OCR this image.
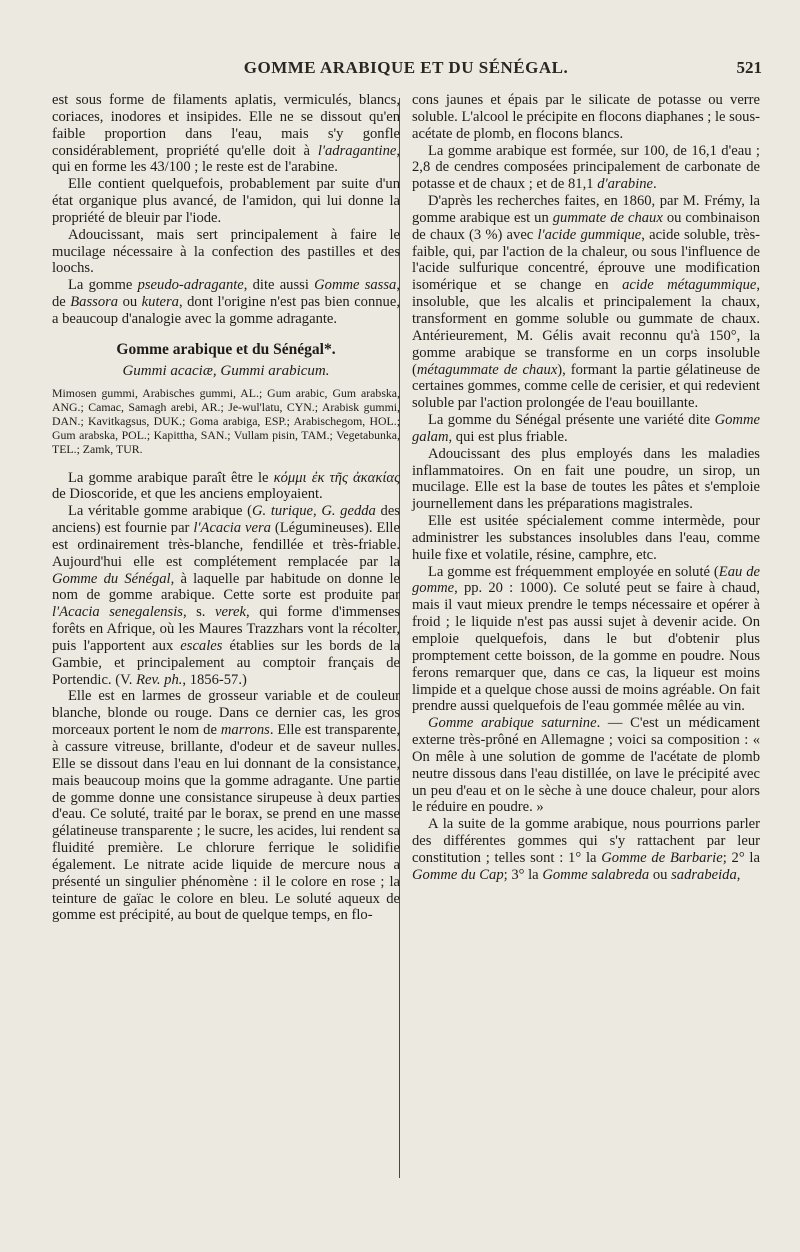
GOMME ARABIQUE ET DU SÉNÉGAL.	521

est sous forme de filaments aplatis, vermiculés, blancs, coriaces, inodores et insipides. Elle ne se dissout qu'en faible proportion dans l'eau, mais s'y gonfle considérablement, propriété qu'elle doit à l'adragantine, qui en forme les 43/100 ; le reste est de l'arabine.

Elle contient quelquefois, probablement par suite d'un état organique plus avancé, de l'amidon, qui lui donne la propriété de bleuir par l'iode.

Adoucissant, mais sert principalement à faire le mucilage nécessaire à la confection des pastilles et des loochs.

La gomme pseudo-adragante, dite aussi Gomme sassa, de Bassora ou kutera, dont l'origine n'est pas bien connue, a beaucoup d'analogie avec la gomme adragante.

Gomme arabique et du Sénégal*.
Gummi acaciæ, Gummi arabicum.
Mimosen gummi, Arabisches gummi, AL.; Gum arabic, Gum arabska, ANG.; Camac, Samagh arebi, AR.; Je-wul'latu, CYN.; Arabisk gummi, DAN.; Kavitkagsus, DUK.; Goma arabiga, ESP.; Arabischegom, HOL.; Gum arabska, POL.; Kapittha, SAN.; Vullam pisin, TAM.; Vegetabunka, TEL.; Zamk, TUR.

La gomme arabique paraît être le κόμμι ἐκ τῆς ἀκακίας de Dioscoride, et que les anciens employaient.

La véritable gomme arabique (G. turique, G. gedda des anciens) est fournie par l'Acacia vera (Légumineuses). Elle est ordinairement très-blanche, fendillée et très-friable. Aujourd'hui elle est complétement remplacée par la Gomme du Sénégal, à laquelle par habitude on donne le nom de gomme arabique. Cette sorte est produite par l'Acacia senegalensis, s. verek, qui forme d'immenses forêts en Afrique, où les Maures Trazzhars vont la récolter, puis l'apportent aux escales établies sur les bords de la Gambie, et principalement au comptoir français de Portendic. (V. Rev. ph., 1856-57.)

Elle est en larmes de grosseur variable et de couleur blanche, blonde ou rouge. Dans ce dernier cas, les gros morceaux portent le nom de marrons. Elle est transparente, à cassure vitreuse, brillante, d'odeur et de saveur nulles. Elle se dissout dans l'eau en lui donnant de la consistance, mais beaucoup moins que la gomme adragante. Une partie de gomme donne une consistance sirupeuse à deux parties d'eau. Ce soluté, traité par le borax, se prend en une masse gélatineuse transparente ; le sucre, les acides, lui rendent sa fluidité première. Le chlorure ferrique le solidifie également. Le nitrate acide liquide de mercure nous a présenté un singulier phénomène : il le colore en rose ; la teinture de gaïac le colore en bleu. Le soluté aqueux de gomme est précipité, au bout de quelque temps, en flo-

cons jaunes et épais par le silicate de potasse ou verre soluble. L'alcool le précipite en flocons diaphanes ; le sous-acétate de plomb, en flocons blancs.

La gomme arabique est formée, sur 100, de 16,1 d'eau ; 2,8 de cendres composées principalement de carbonate de potasse et de chaux ; et de 81,1 d'arabine.

D'après les recherches faites, en 1860, par M. Frémy, la gomme arabique est un gummate de chaux ou combinaison de chaux (3 %) avec l'acide gummique, acide soluble, très-faible, qui, par l'action de la chaleur, ou sous l'influence de l'acide sulfurique concentré, éprouve une modification isomérique et se change en acide métagummique, insoluble, que les alcalis et principalement la chaux, transforment en gomme soluble ou gummate de chaux. Antérieurement, M. Gélis avait reconnu qu'à 150°, la gomme arabique se transforme en un corps insoluble (métagummate de chaux), formant la partie gélatineuse de certaines gommes, comme celle de cerisier, et qui redevient soluble par l'action prolongée de l'eau bouillante.

La gomme du Sénégal présente une variété dite Gomme galam, qui est plus friable.

Adoucissant des plus employés dans les maladies inflammatoires. On en fait une poudre, un sirop, un mucilage. Elle est la base de toutes les pâtes et s'emploie journellement dans les préparations magistrales.

Elle est usitée spécialement comme intermède, pour administrer les substances insolubles dans l'eau, comme huile fixe et volatile, résine, camphre, etc.

La gomme est fréquemment employée en soluté (Eau de gomme, pp. 20 : 1000). Ce soluté peut se faire à chaud, mais il vaut mieux prendre le temps nécessaire et opérer à froid ; le liquide n'est pas aussi sujet à devenir acide. On emploie quelquefois, dans le but d'obtenir plus promptement cette boisson, de la gomme en poudre. Nous ferons remarquer que, dans ce cas, la liqueur est moins limpide et a quelque chose aussi de moins agréable. On fait prendre aussi quelquefois de l'eau gommée mêlée au vin.

Gomme arabique saturnine. — C'est un médicament externe très-prôné en Allemagne ; voici sa composition : « On mêle à une solution de gomme de l'acétate de plomb neutre dissous dans l'eau distillée, on lave le précipité avec un peu d'eau et on le sèche à une douce chaleur, pour alors le réduire en poudre. »

A la suite de la gomme arabique, nous pourrions parler des différentes gommes qui s'y rattachent par leur constitution ; telles sont : 1° la Gomme de Barbarie; 2° la Gomme du Cap; 3° la Gomme salabreda ou sadrabeida,
